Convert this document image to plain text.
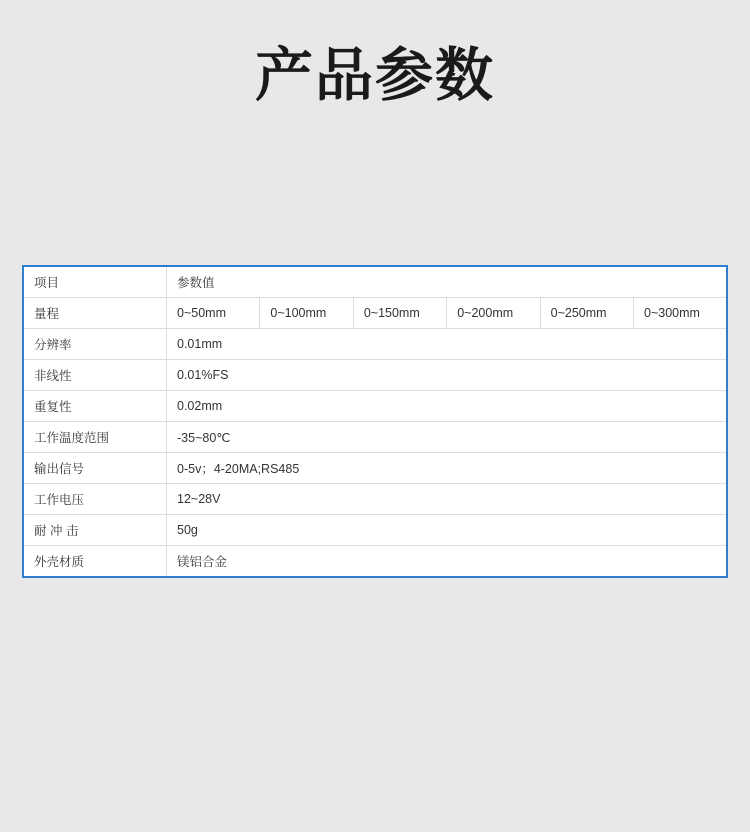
产品参数
项目	参数值					
量程	0~50mm	0~100mm	0~150mm	0~200mm	0~250mm	0~300mm
分辨率	0.01mm					
非线性	0.01%FS					
重复性	0.02mm					
工作温度范围	-35~80℃					
输出信号	0-5v；4-20MA;RS485					
工作电压	12~28V					
耐 冲 击	50g					
外壳材质	镁铝合金					
